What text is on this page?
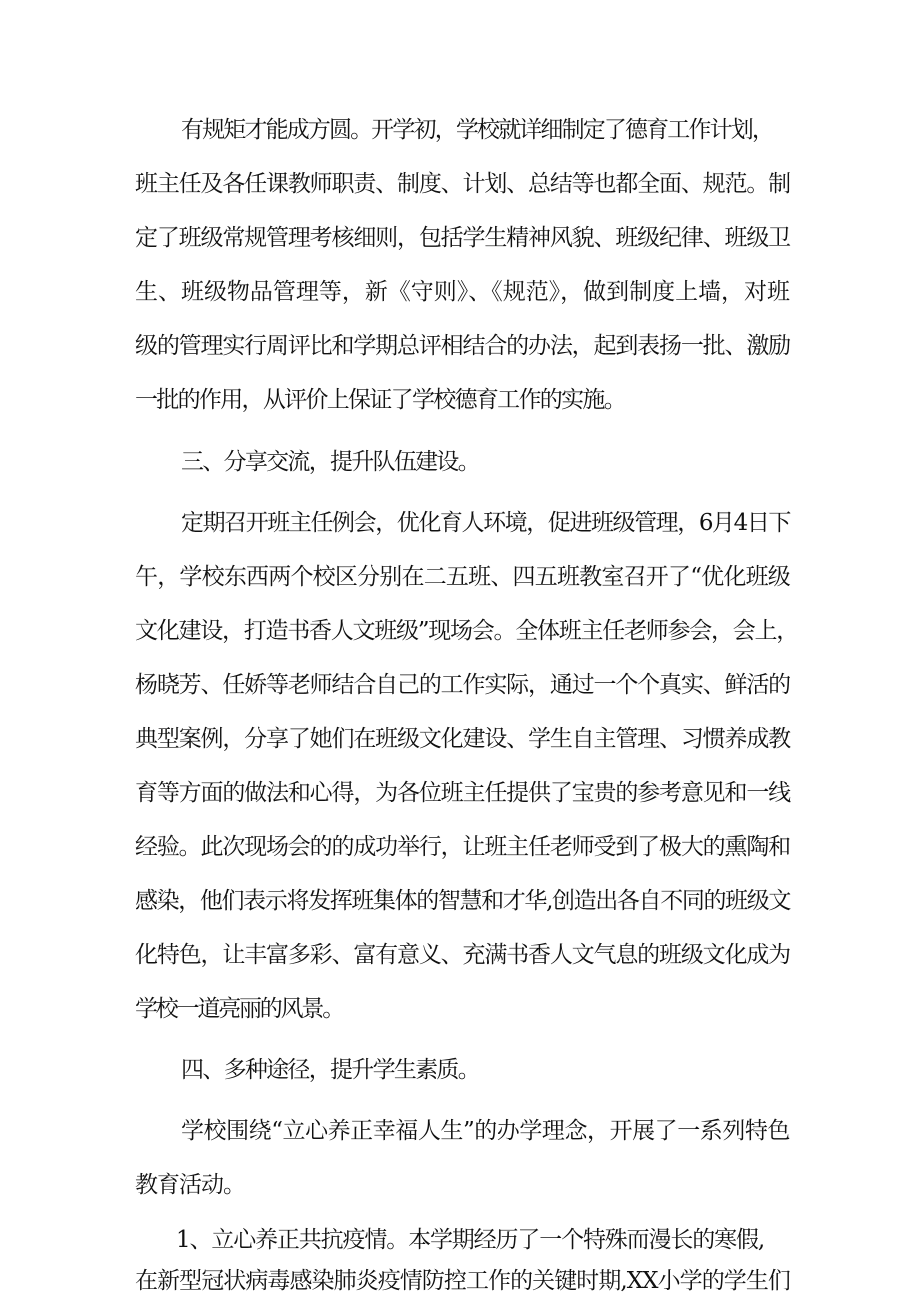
有规矩才能成方圆。开学初，学校就详细制定了德育工作计划，
班主任及各任课教师职责、制度、计划、总结等也都全面、规范。制
定了班级常规管理考核细则，包括学生精神风貌、班级纪律、班级卫
生、班级物品管理等，新《守则》、《规范》，做到制度上墙，对班
级的管理实行周评比和学期总评相结合的办法，起到表扬一批、激励
一批的作用，从评价上保证了学校德育工作的实施。
三、分享交流，提升队伍建设。
定期召开班主任例会，优化育人环境，促进班级管理，6月4日下
午，学校东西两个校区分别在二五班、四五班教室召开了“优化班级
文化建设，打造书香人文班级”现场会。全体班主任老师参会，会上，
杨晓芳、任娇等老师结合自己的工作实际，通过一个个真实、鲜活的
典型案例，分享了她们在班级文化建设、学生自主管理、习惯养成教
育等方面的做法和心得，为各位班主任提供了宝贵的参考意见和一线
经验。此次现场会的的成功举行，让班主任老师受到了极大的熏陶和
感染，他们表示将发挥班集体的智慧和才华,创造出各自不同的班级文
化特色，让丰富多彩、富有意义、充满书香人文气息的班级文化成为
学校一道亮丽的风景。
四、多种途径，提升学生素质。
学校围绕“立心养正幸福人生”的办学理念，开展了一系列特色
教育活动。
1、立心养正共抗疫情。本学期经历了一个特殊而漫长的寒假,
在新型冠状病毒感染肺炎疫情防控工作的关键时期,XX小学的学生们
